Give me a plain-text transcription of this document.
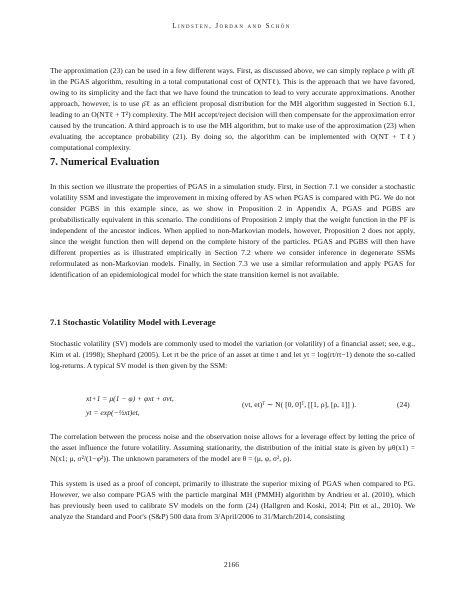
Lindsten, Jordan and Schön

The approximation (23) can be used in a few different ways. First, as discussed above, we can simply replace ρ with ρ̂ℓ in the PGAS algorithm, resulting in a total computational cost of O(NTℓ). This is the approach that we have favored, owing to its simplicity and the fact that we have found the truncation to lead to very accurate approximations. Another approach, however, is to use ρ̂ℓ as an efficient proposal distribution for the MH algorithm suggested in Section 6.1, leading to an O(NTℓ + T²) complexity. The MH accept/reject decision will then compensate for the approximation error caused by the truncation. A third approach is to use the MH algorithm, but to make use of the approximation (23) when evaluating the acceptance probability (21). By doing so, the algorithm can be implemented with O(NT + Tℓ) computational complexity.

7. Numerical Evaluation

In this section we illustrate the properties of PGAS in a simulation study. First, in Section 7.1 we consider a stochastic volatility SSM and investigate the improvement in mixing offered by AS when PGAS is compared with PG. We do not consider PGBS in this example since, as we show in Proposition 2 in Appendix A, PGAS and PGBS are probabilistically equivalent in this scenario. The conditions of Proposition 2 imply that the weight function in the PF is independent of the ancestor indices. When applied to non-Markovian models, however, Proposition 2 does not apply, since the weight function then will depend on the complete history of the particles. PGAS and PGBS will then have different properties as is illustrated empirically in Section 7.2 where we consider inference in degenerate SSMs reformulated as non-Markovian models. Finally, in Section 7.3 we use a similar reformulation and apply PGAS for identification of an epidemiological model for which the state transition kernel is not available.

7.1 Stochastic Volatility Model with Leverage

Stochastic volatility (SV) models are commonly used to model the variation (or volatility) of a financial asset; see, e.g., Kim et al. (1998); Shephard (2005). Let rt be the price of an asset at time t and let yt = log(rt/rt−1) denote the so-called log-returns. A typical SV model is then given by the SSM:

xt+1 = μ(1 − φ) + φxt + σvt,
yt = exp(−½xt)et,
(vt, et)ᵀ ∼ N( [0, 0]ᵀ, [[1, ρ], [ρ, 1]] ).	(24)

The correlation between the process noise and the observation noise allows for a leverage effect by letting the price of the asset influence the future volatility. Assuming stationarity, the distribution of the initial state is given by μθ(x1) = N(x1; μ, σ²/(1−φ²)). The unknown parameters of the model are θ = (μ, φ, σ², ρ).

This system is used as a proof of concept, primarily to illustrate the superior mixing of PGAS when compared to PG. However, we also compare PGAS with the particle marginal MH (PMMH) algorithm by Andrieu et al. (2010), which has previously been used to calibrate SV models on the form (24) (Hallgren and Koski, 2014; Pitt et al., 2010). We analyze the Standard and Poor's (S&P) 500 data from 3/April/2006 to 31/March/2014, consisting

2166
